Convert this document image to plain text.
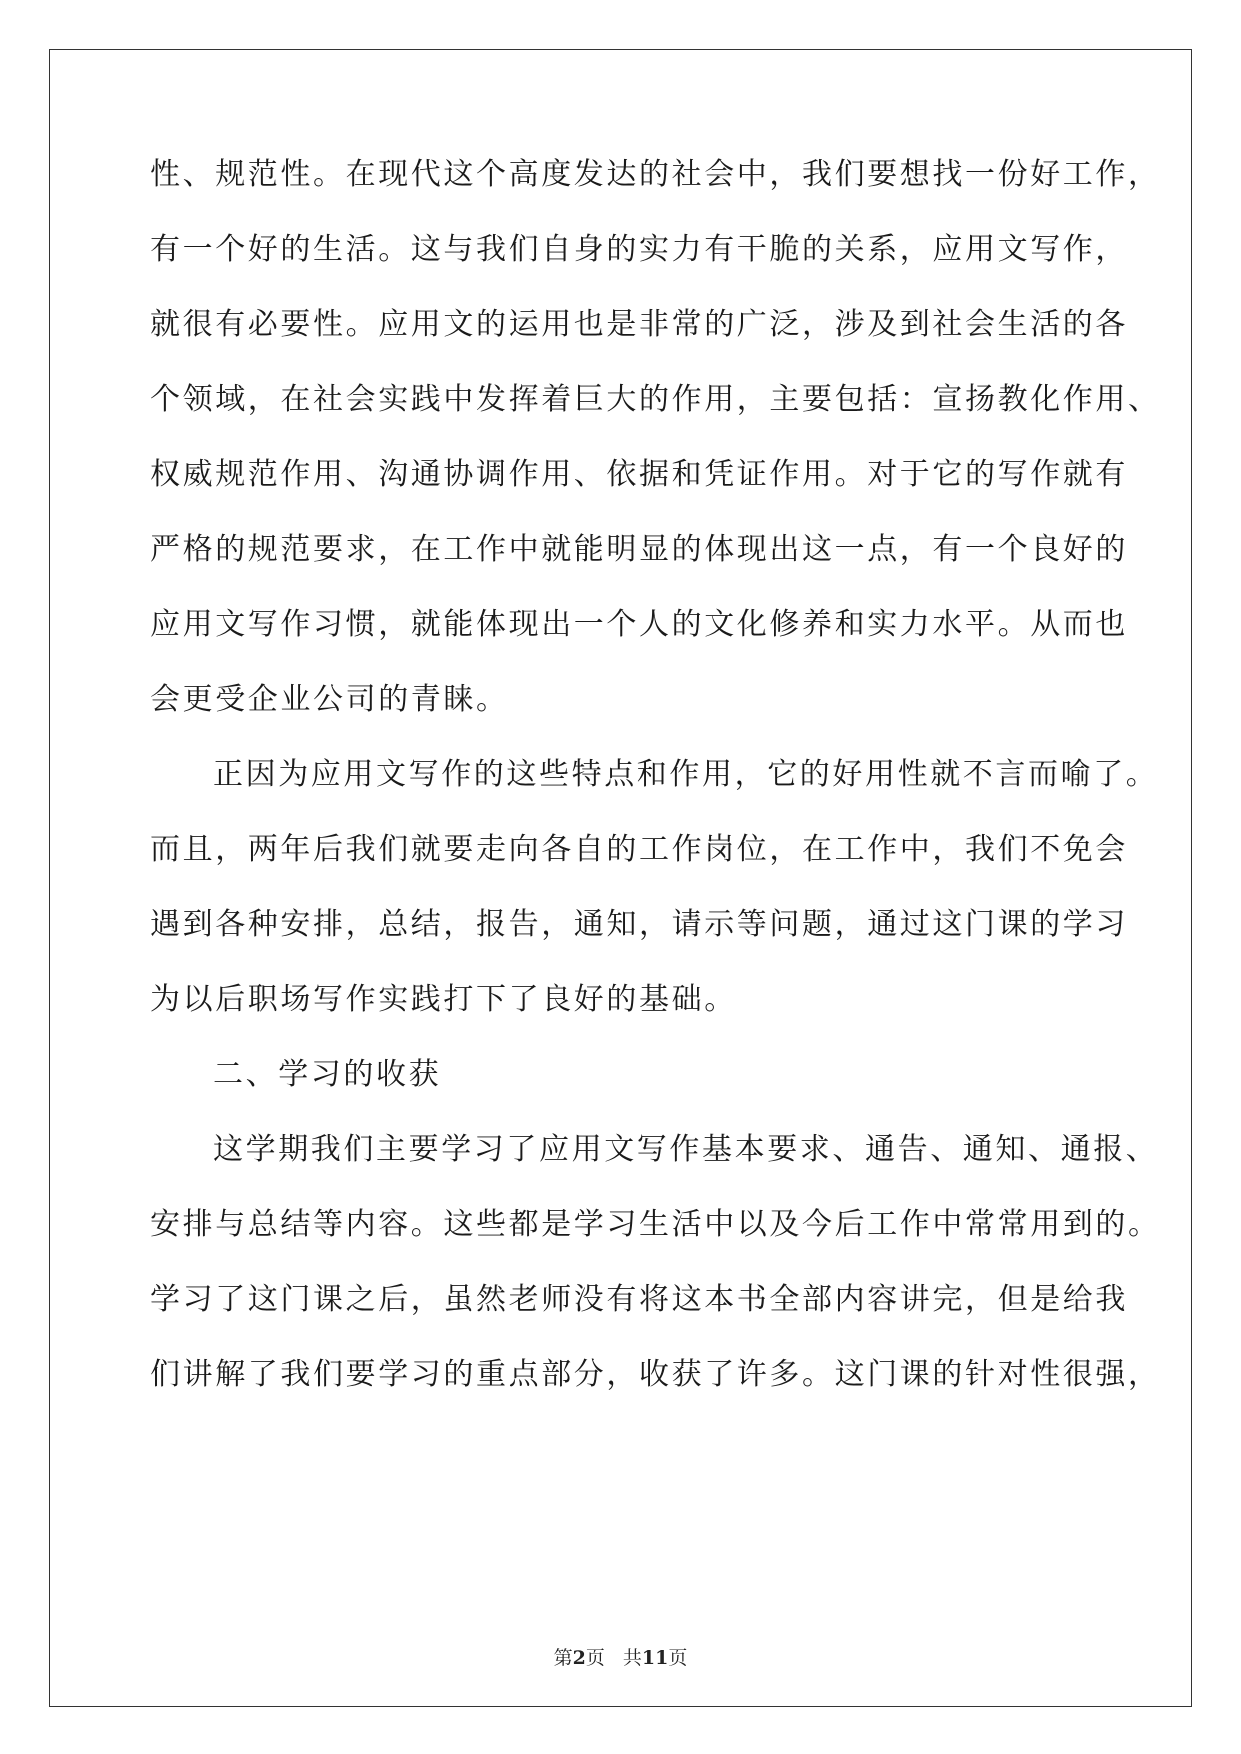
性、规范性。在现代这个高度发达的社会中，我们要想找一份好工作，
有一个好的生活。这与我们自身的实力有干脆的关系，应用文写作，
就很有必要性。应用文的运用也是非常的广泛，涉及到社会生活的各
个领域，在社会实践中发挥着巨大的作用，主要包括：宣扬教化作用、
权威规范作用、沟通协调作用、依据和凭证作用。对于它的写作就有
严格的规范要求，在工作中就能明显的体现出这一点，有一个良好的
应用文写作习惯，就能体现出一个人的文化修养和实力水平。从而也
会更受企业公司的青睐。
正因为应用文写作的这些特点和作用，它的好用性就不言而喻了。
而且，两年后我们就要走向各自的工作岗位，在工作中，我们不免会
遇到各种安排，总结，报告，通知，请示等问题，通过这门课的学习
为以后职场写作实践打下了良好的基础。
二、学习的收获
这学期我们主要学习了应用文写作基本要求、通告、通知、通报、
安排与总结等内容。这些都是学习生活中以及今后工作中常常用到的。
学习了这门课之后，虽然老师没有将这本书全部内容讲完，但是给我
们讲解了我们要学习的重点部分，收获了许多。这门课的针对性很强，
第2页 共11页
